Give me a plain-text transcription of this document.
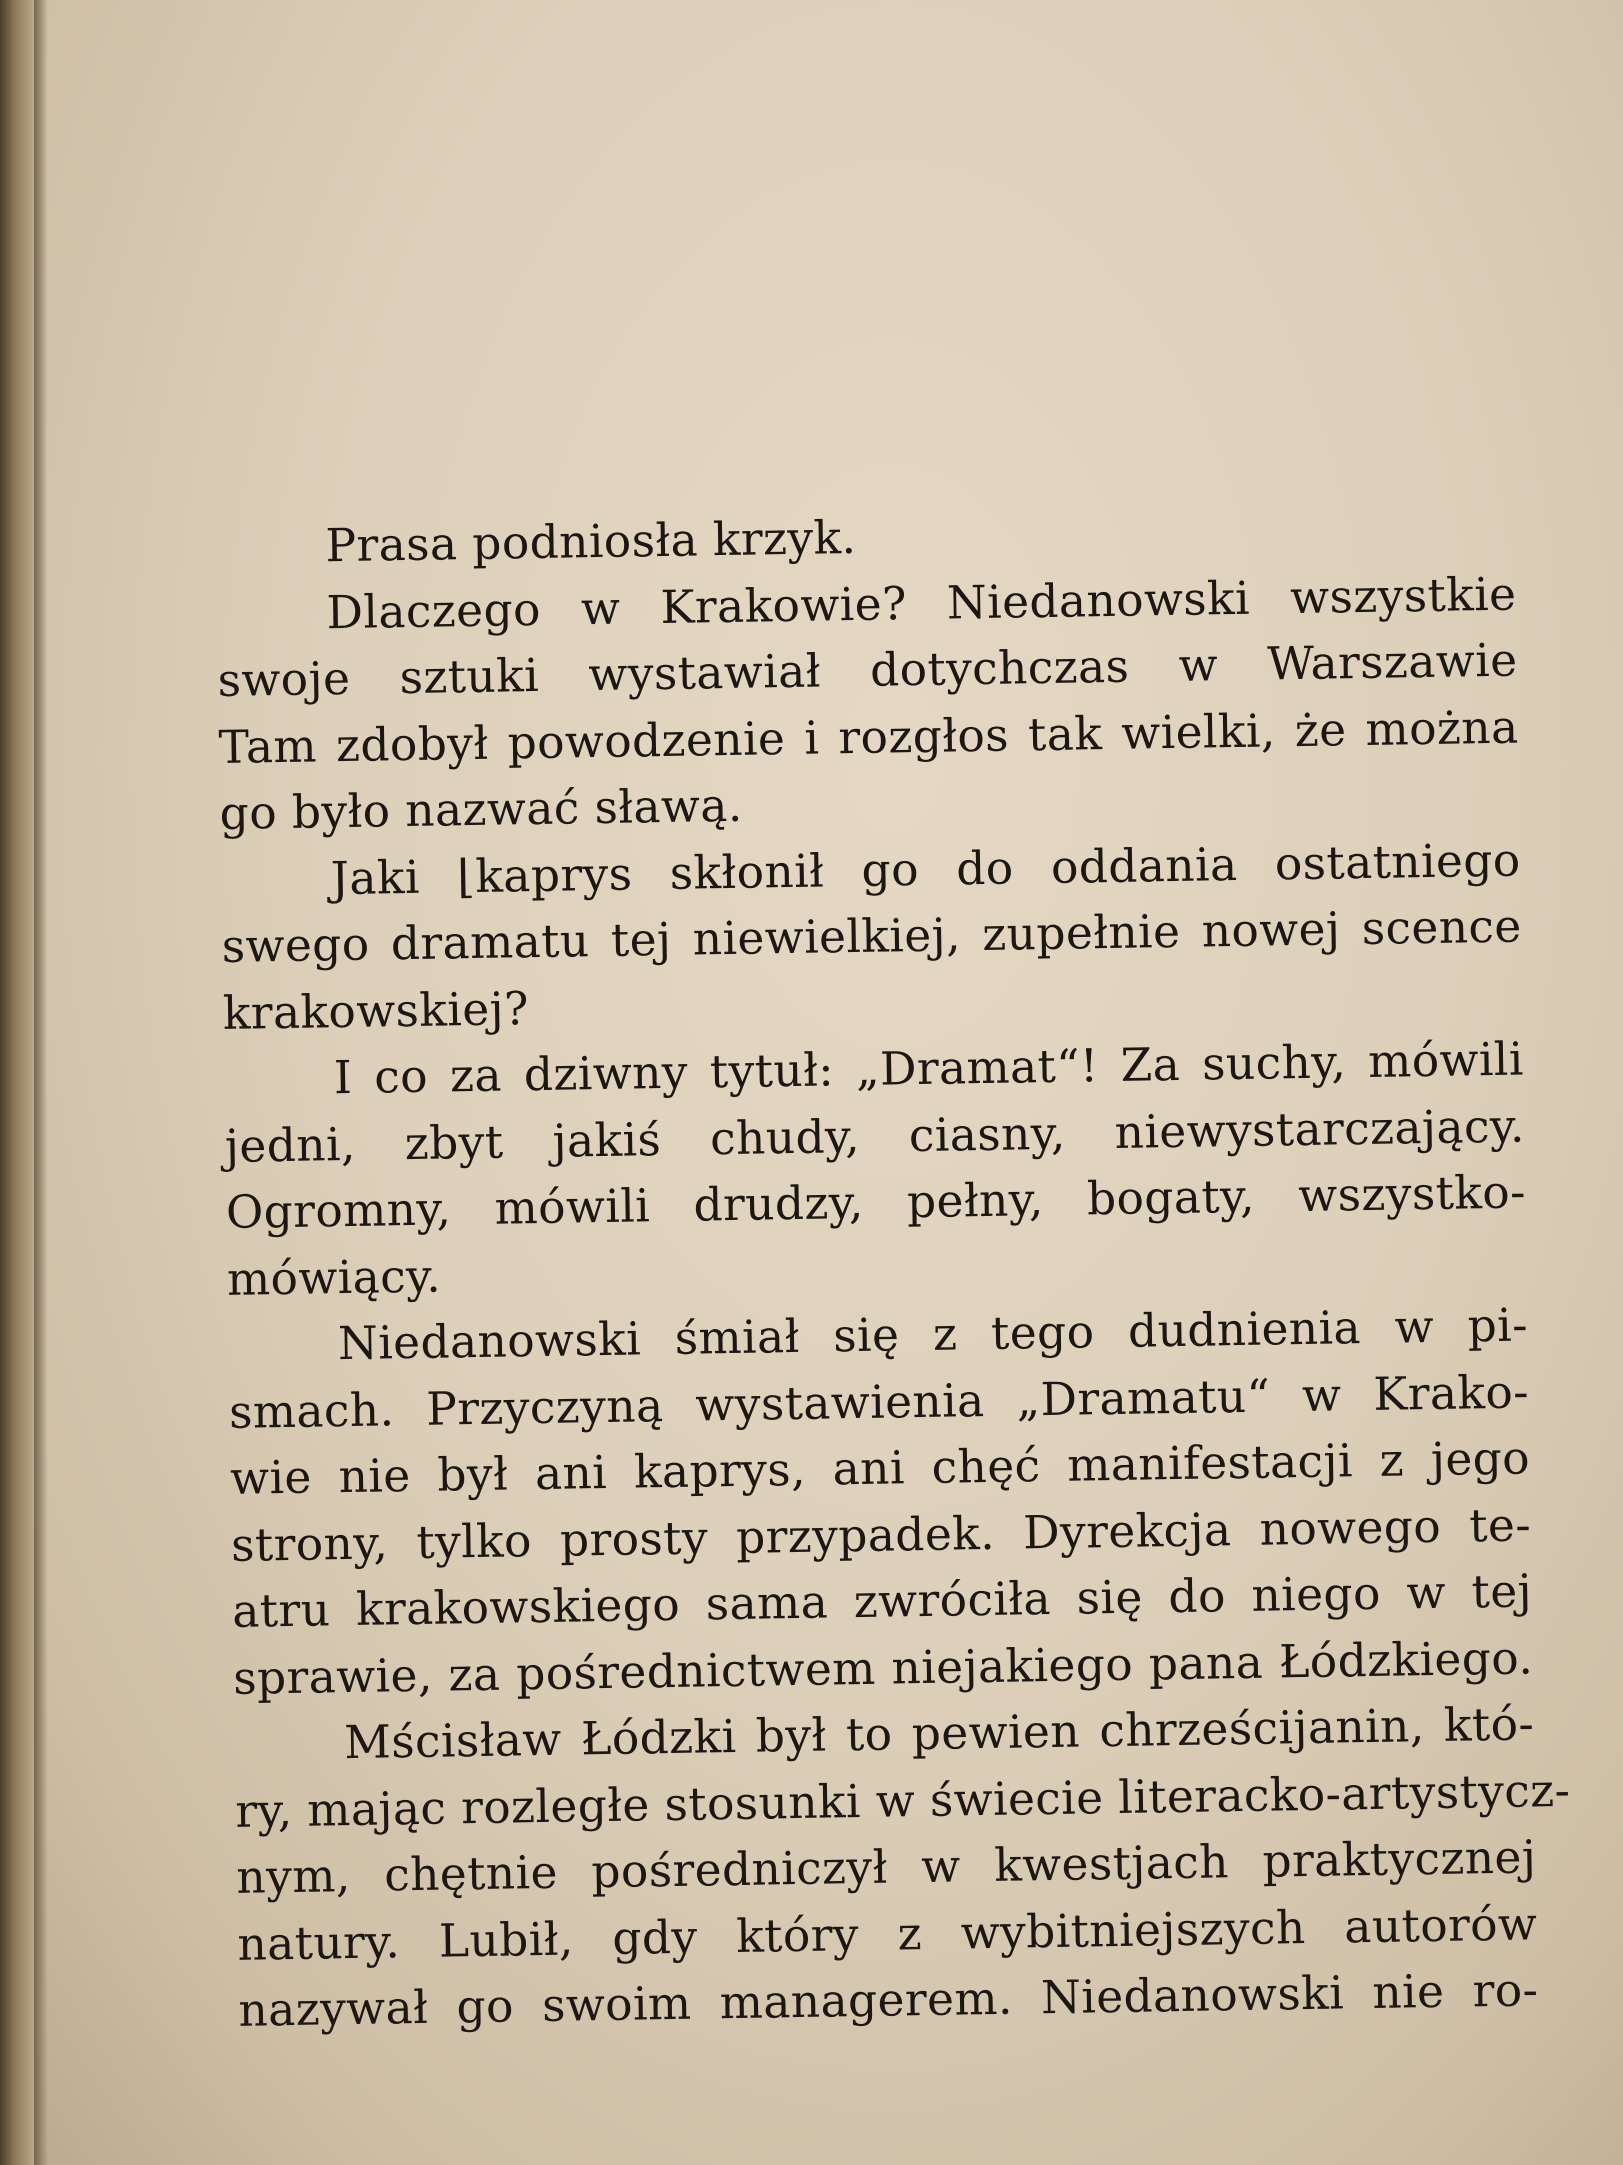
Prasa podniosła krzyk.
Dlaczego w Krakowie? Niedanowski wszystkie
swoje sztuki wystawiał dotychczas w Warszawie
Tam zdobył powodzenie i rozgłos tak wielki, że można
go było nazwać sławą.
Jaki ⌊kaprys skłonił go do oddania ostatniego
swego dramatu tej niewielkiej, zupełnie nowej scence
krakowskiej?
I co za dziwny tytuł: „Dramat“! Za suchy, mówili
jedni, zbyt jakiś chudy, ciasny, niewystarczający.
Ogromny, mówili drudzy, pełny, bogaty, wszystko-
mówiący.
Niedanowski śmiał się z tego dudnienia w pi-
smach. Przyczyną wystawienia „Dramatu“ w Krako-
wie nie był ani kaprys, ani chęć manifestacji z jego
strony, tylko prosty przypadek. Dyrekcja nowego te-
atru krakowskiego sama zwróciła się do niego w tej
sprawie, za pośrednictwem niejakiego pana Łódzkiego.
Mścisław Łódzki był to pewien chrześcijanin, któ-
ry, mając rozległe stosunki w świecie literacko-artystycz-
nym, chętnie pośredniczył w kwestjach praktycznej
natury. Lubił, gdy który z wybitniejszych autorów
nazywał go swoim managerem. Niedanowski nie ro-
